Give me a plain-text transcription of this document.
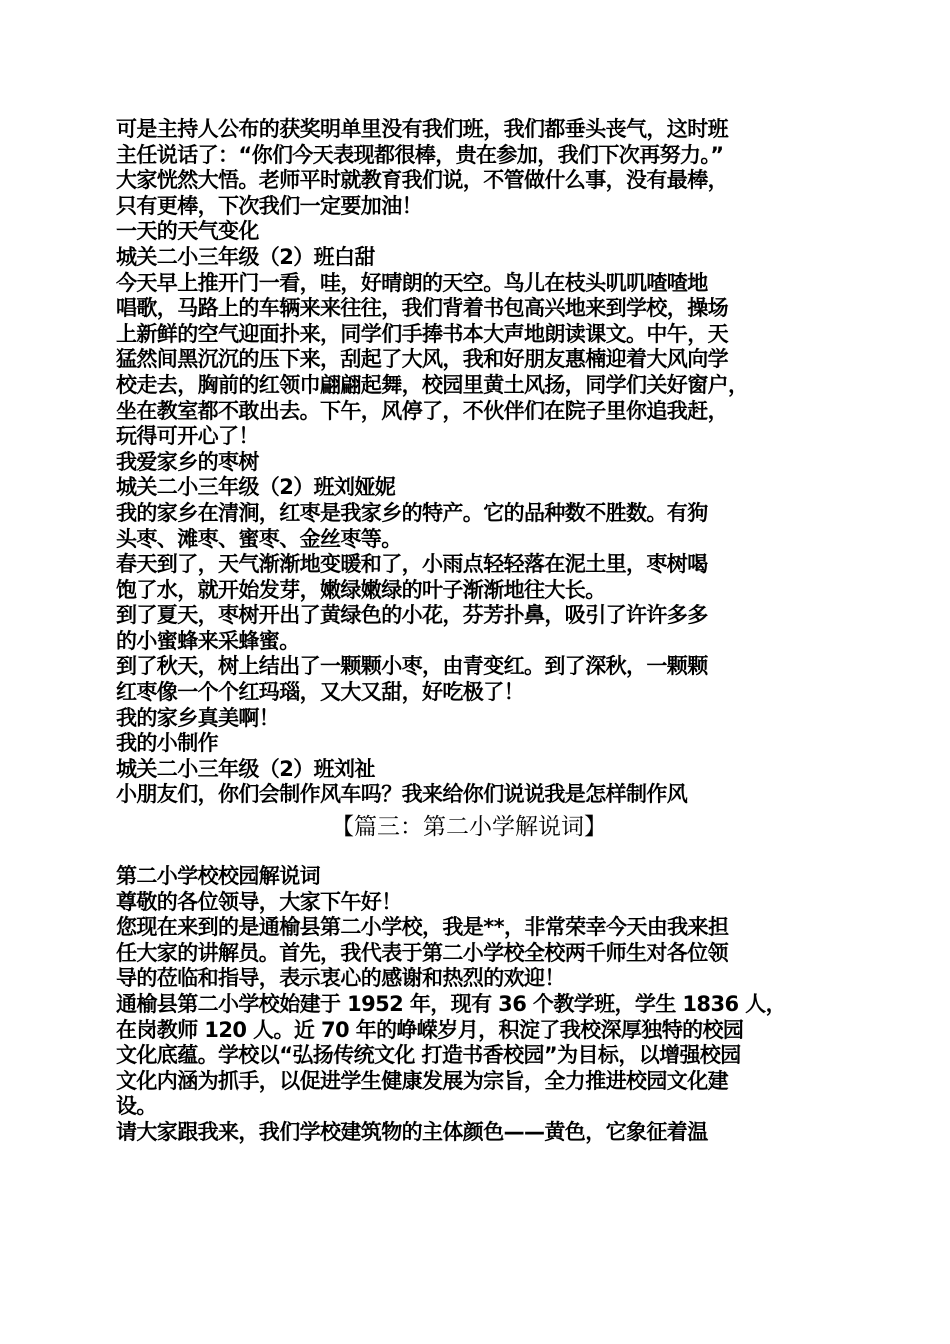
可是主持人公布的获奖明单里没有我们班，我们都垂头丧气，这时班
主任说话了：“你们今天表现都很棒，贵在参加，我们下次再努力。”
大家恍然大悟。老师平时就教育我们说，不管做什么事，没有最棒，
只有更棒，下次我们一定要加油！
一天的天气变化
城关二小三年级（2）班白甜
今天早上推开门一看，哇，好晴朗的天空。鸟儿在枝头叽叽喳喳地
唱歌，马路上的车辆来来往往，我们背着书包高兴地来到学校，操场
上新鲜的空气迎面扑来，同学们手捧书本大声地朗读课文。中午，天
猛然间黑沉沉的压下来，刮起了大风，我和好朋友惠楠迎着大风向学
校走去，胸前的红领巾翩翩起舞，校园里黄土风扬，同学们关好窗户，
坐在教室都不敢出去。下午，风停了，不伙伴们在院子里你追我赶，
玩得可开心了！
我爱家乡的枣树
城关二小三年级（2）班刘娅妮
我的家乡在清涧，红枣是我家乡的特产。它的品种数不胜数。有狗
头枣、滩枣、蜜枣、金丝枣等。
春天到了，天气渐渐地变暖和了，小雨点轻轻落在泥土里，枣树喝
饱了水，就开始发芽，嫩绿嫩绿的叶子渐渐地往大长。
到了夏天，枣树开出了黄绿色的小花，芬芳扑鼻，吸引了许许多多
的小蜜蜂来采蜂蜜。
到了秋天，树上结出了一颗颗小枣，由青变红。到了深秋，一颗颗
红枣像一个个红玛瑙，又大又甜，好吃极了！
我的家乡真美啊！
我的小制作
城关二小三年级（2）班刘祉
小朋友们，你们会制作风车吗？我来给你们说说我是怎样制作风
【篇三：第二小学解说词】
第二小学校校园解说词
尊敬的各位领导，大家下午好！
您现在来到的是通榆县第二小学校，我是**，非常荣幸今天由我来担
任大家的讲解员。首先，我代表于第二小学校全校两千师生对各位领
导的莅临和指导，表示衷心的感谢和热烈的欢迎！
通榆县第二小学校始建于 1952 年，现有 36 个教学班，学生 1836 人，
在岗教师 120 人。近 70 年的峥嵘岁月，积淀了我校深厚独特的校园
文化底蕴。学校以“弘扬传统文化 打造书香校园”为目标，以增强校园
文化内涵为抓手，以促进学生健康发展为宗旨，全力推进校园文化建
设。
请大家跟我来，我们学校建筑物的主体颜色——黄色，它象征着温
